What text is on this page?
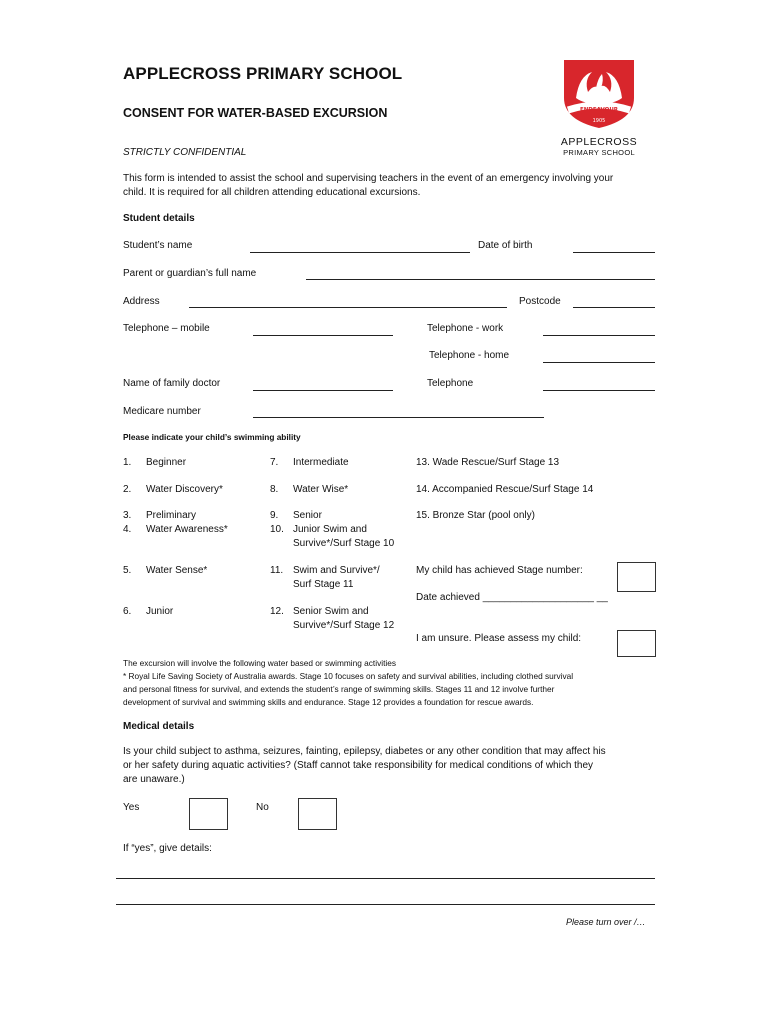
APPLECROSS PRIMARY SCHOOL
CONSENT FOR WATER-BASED EXCURSION
STRICTLY CONFIDENTIAL
This form is intended to assist the school and supervising teachers in the event of an emergency involving your
child. It is required for all children attending educational excursions.
ENDEAVOUR
1905
APPLECROSS
PRIMARY SCHOOL
Student details
Student’s name	Date of birth
Parent or guardian’s full name
Address	Postcode
Telephone – mobile	Telephone - work
Telephone - home
Name of family doctor	Telephone
Medicare number
Please indicate your child’s swimming ability
1. Beginner
2. Water Discovery*
3. Preliminary
4. Water Awareness*
5. Water Sense*
6. Junior
7. Intermediate
8. Water Wise*
9. Senior
10. Junior Swim and
Survive*/Surf Stage 10
11. Swim and Survive*/
Surf Stage 11
12. Senior Swim and
Survive*/Surf Stage 12
13. Wade Rescue/Surf Stage 13
14. Accompanied Rescue/Surf Stage 14
15. Bronze Star (pool only)
My child has achieved Stage number:
Date achieved ____________________ __
I am unsure. Please assess my child:
The excursion will involve the following water based or swimming activities
* Royal Life Saving Society of Australia awards. Stage 10 focuses on safety and survival abilities, including clothed survival
and personal fitness for survival, and extends the student’s range of swimming skills. Stages 11 and 12 involve further
development of survival and swimming skills and endurance. Stage 12 provides a foundation for rescue awards.
Medical details
Is your child subject to asthma, seizures, fainting, epilepsy, diabetes or any other condition that may affect his
or her safety during aquatic activities? (Staff cannot take responsibility for medical conditions of which they
are unaware.)
Yes	No
If “yes”, give details:
Please turn over /…
